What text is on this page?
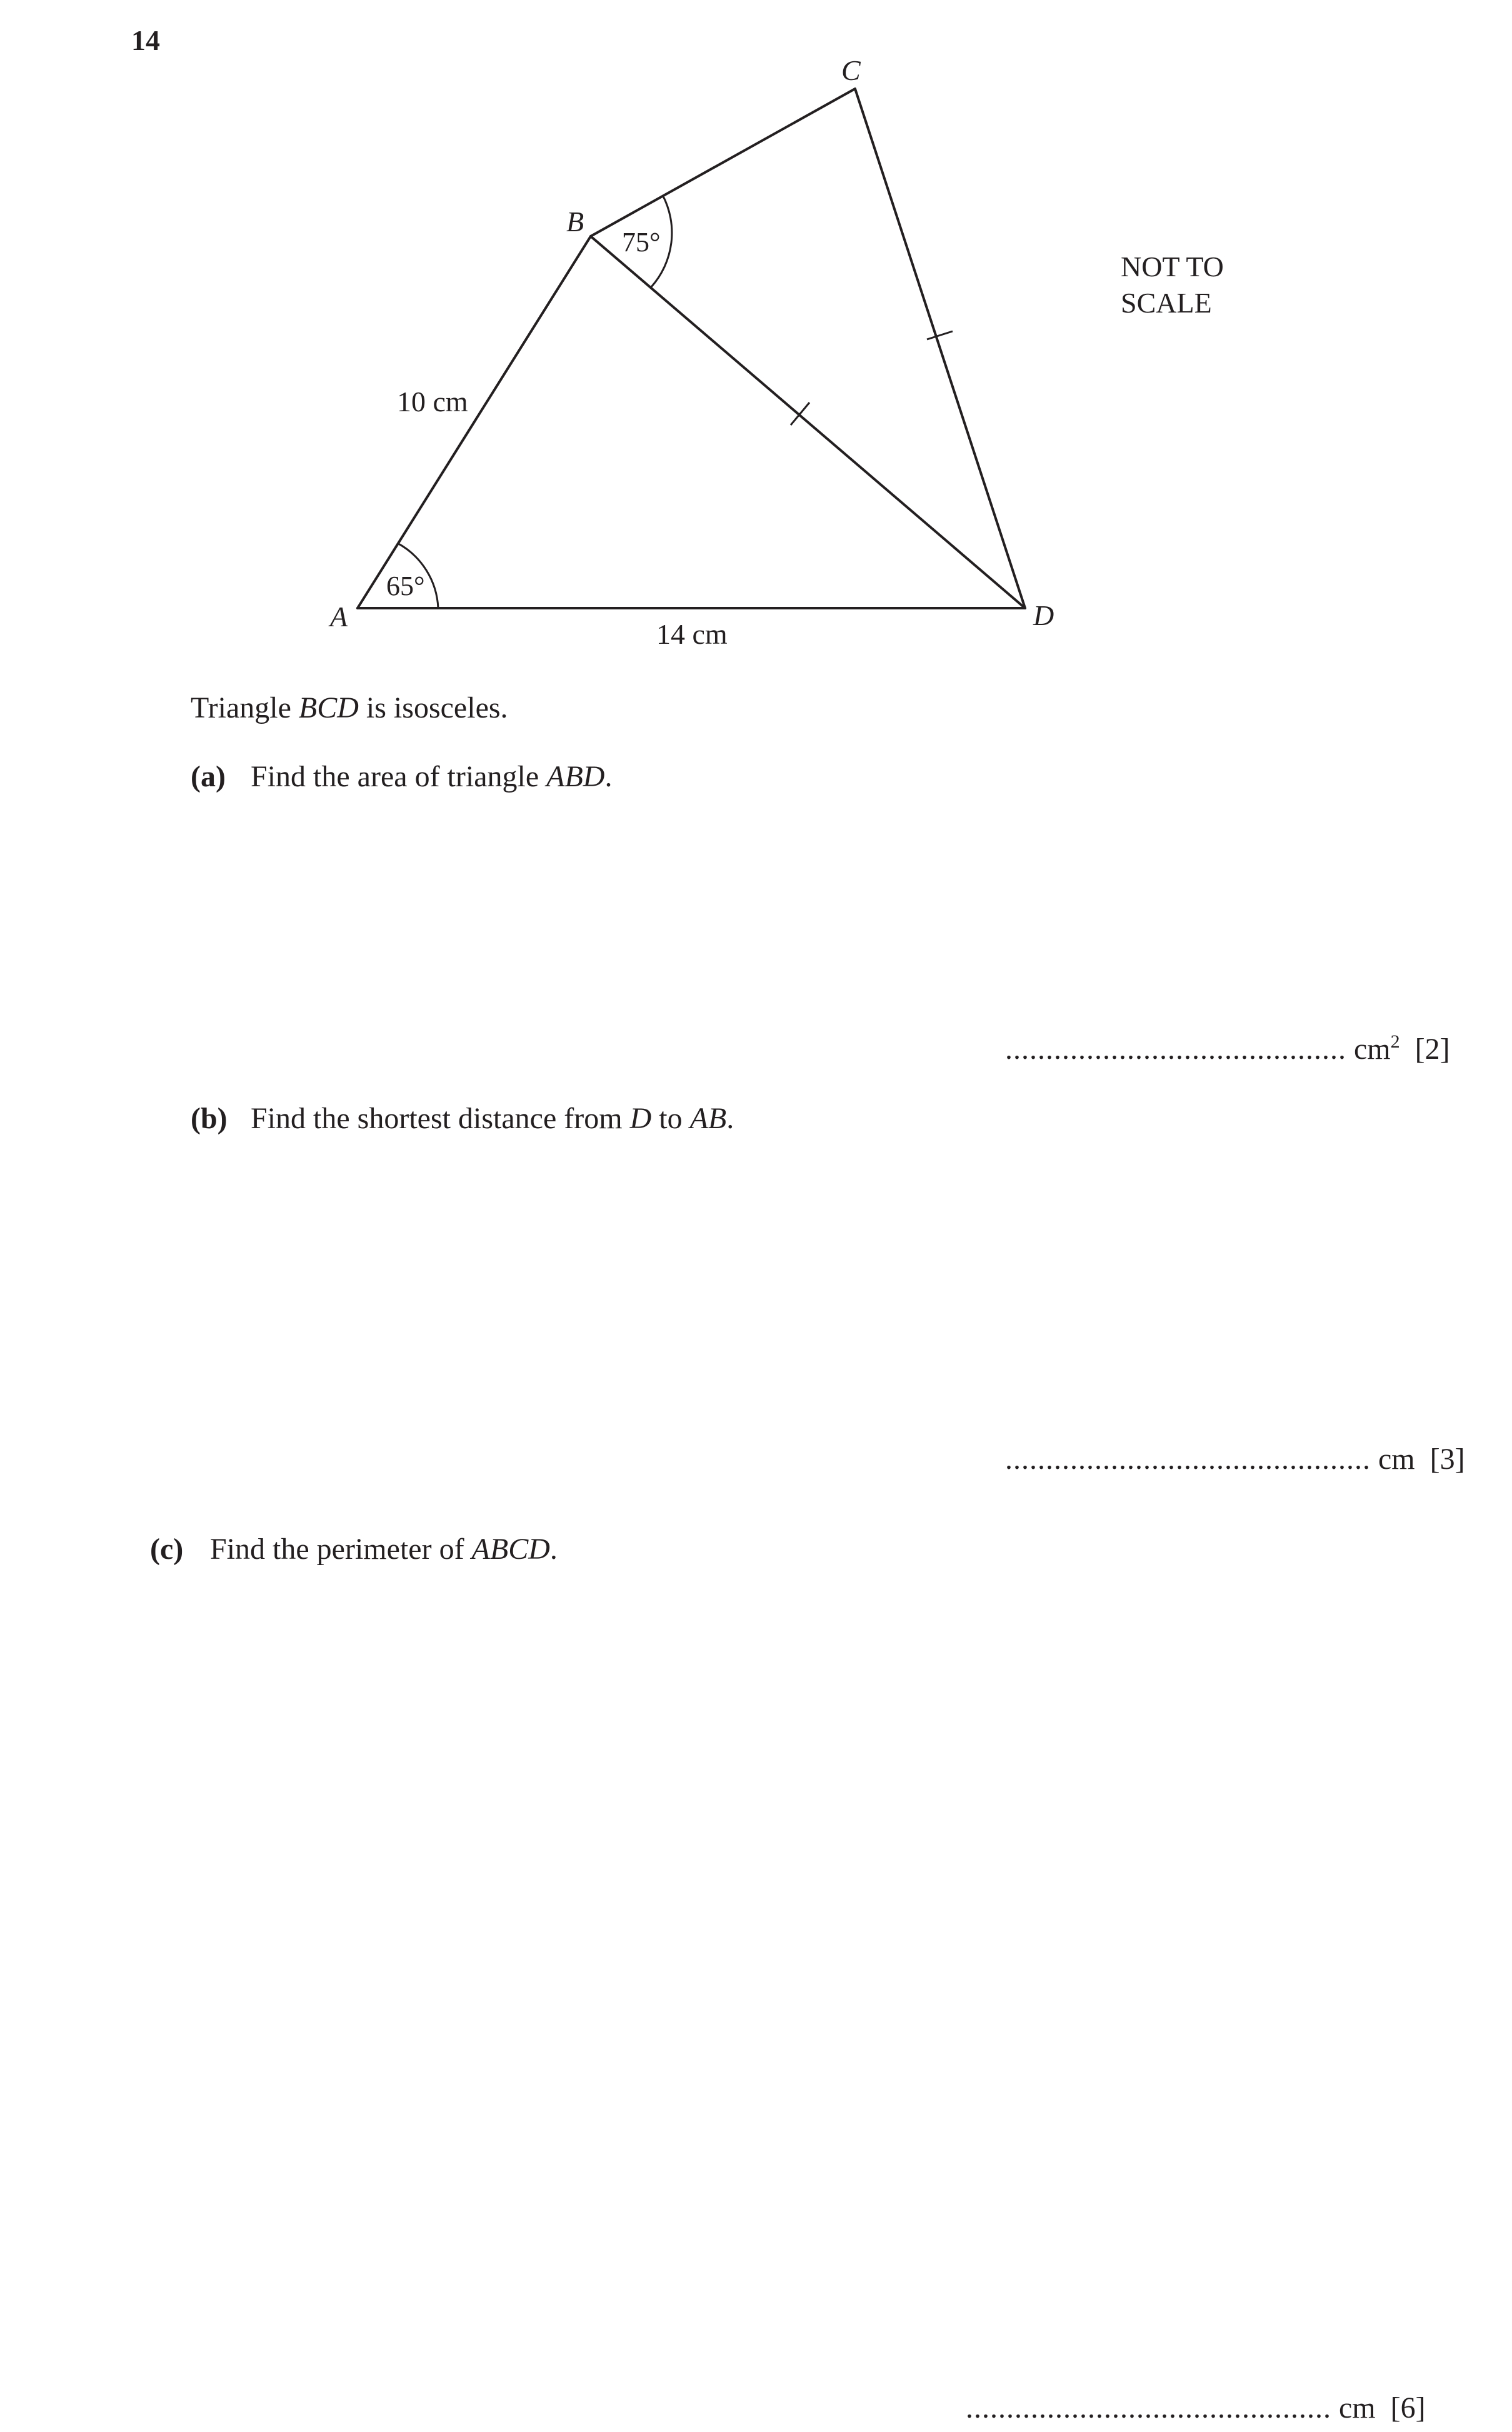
14
A
B
C
D
10 cm
14 cm
65°
75°
NOT TO
SCALE
Triangle BCD is isosceles.
(a) Find the area of triangle ABD.
.......................................... $cm^2$ [2]
(b) Find the shortest distance from D to AB.
............................................. cm [3]
(c) Find the perimeter of ABCD.
............................................. cm [6]
